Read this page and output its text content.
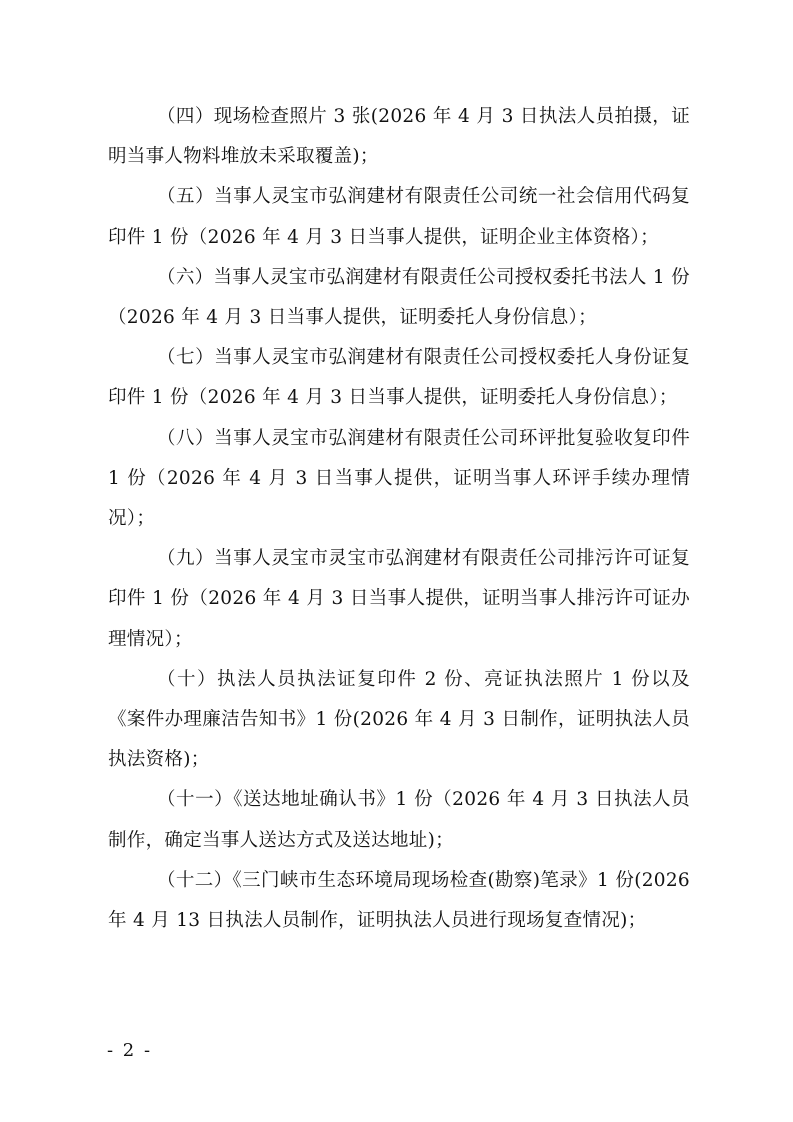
（四）现场检查照片 3 张(2026 年 4 月 3 日执法人员拍摄，证明当事人物料堆放未采取覆盖)；

（五）当事人灵宝市弘润建材有限责任公司统一社会信用代码复印件 1 份（2026 年 4 月 3 日当事人提供，证明企业主体资格）；

（六）当事人灵宝市弘润建材有限责任公司授权委托书法人 1 份（2026 年 4 月 3 日当事人提供，证明委托人身份信息）；

（七）当事人灵宝市弘润建材有限责任公司授权委托人身份证复印件 1 份（2026 年 4 月 3 日当事人提供，证明委托人身份信息）；

（八）当事人灵宝市弘润建材有限责任公司环评批复验收复印件 1 份（2026 年 4 月 3 日当事人提供，证明当事人环评手续办理情况）；

（九）当事人灵宝市灵宝市弘润建材有限责任公司排污许可证复印件 1 份（2026 年 4 月 3 日当事人提供，证明当事人排污许可证办理情况）；

（十）执法人员执法证复印件 2 份、亮证执法照片 1 份以及《案件办理廉洁告知书》1 份(2026 年 4 月 3 日制作，证明执法人员执法资格)；

（十一）《送达地址确认书》1 份（2026 年 4 月 3 日执法人员制作，确定当事人送达方式及送达地址)；

（十二）《三门峡市生态环境局现场检查(勘察)笔录》1 份(2026 年 4 月 13 日执法人员制作，证明执法人员进行现场复查情况)；

- 2 -
